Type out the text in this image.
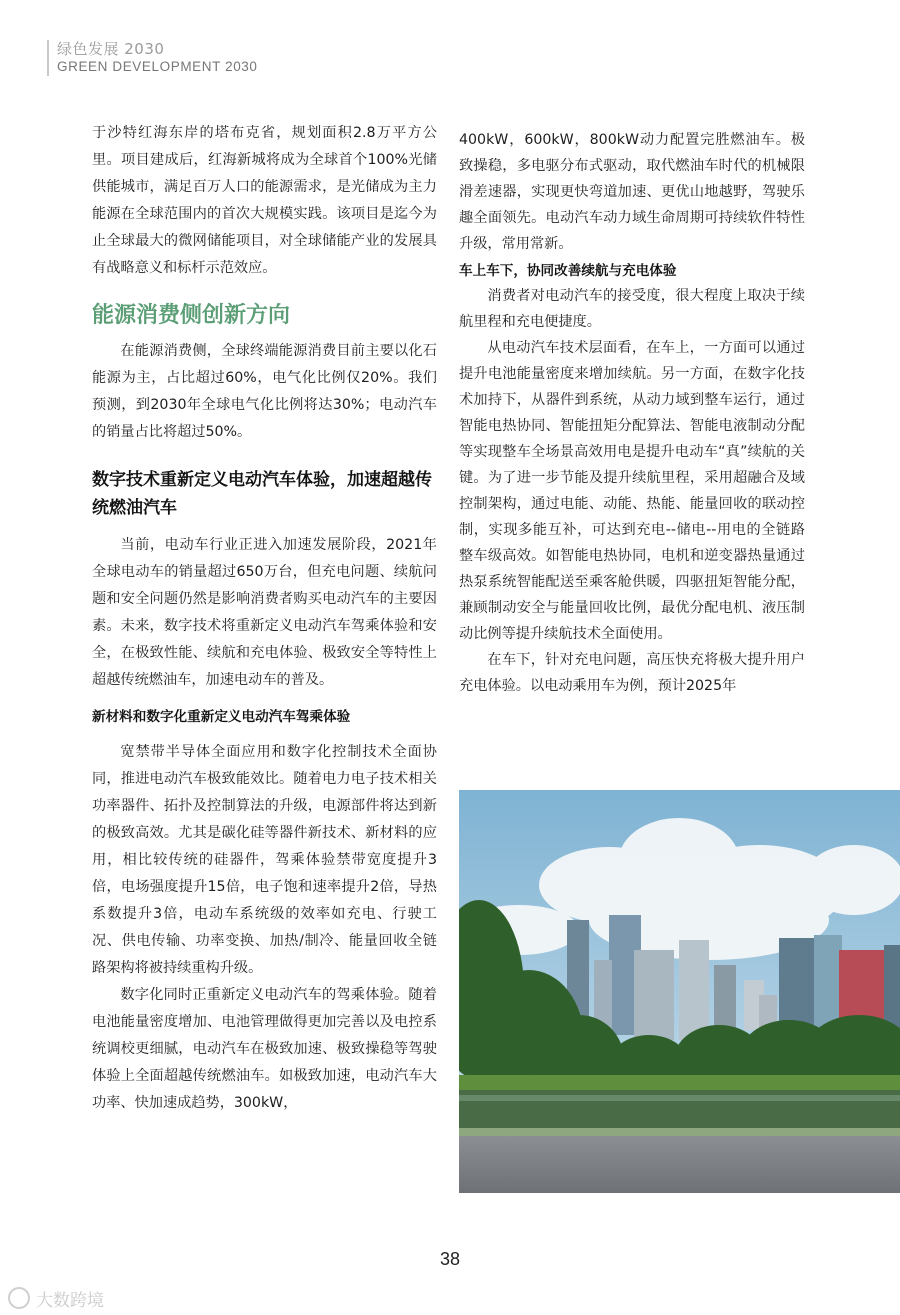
绿色发展 2030
GREEN DEVELOPMENT 2030

于沙特红海东岸的塔布克省，规划面积2.8万平方公里。项目建成后，红海新城将成为全球首个100%光储供能城市，满足百万人口的能源需求，是光储成为主力能源在全球范围内的首次大规模实践。该项目是迄今为止全球最大的微网储能项目，对全球储能产业的发展具有战略意义和标杆示范效应。

能源消费侧创新方向

在能源消费侧，全球终端能源消费目前主要以化石能源为主，占比超过60%，电气化比例仅20%。我们预测，到2030年全球电气化比例将达30%；电动汽车的销量占比将超过50%。

数字技术重新定义电动汽车体验，加速超越传统燃油汽车

当前，电动车行业正进入加速发展阶段，2021年全球电动车的销量超过650万台，但充电问题、续航问题和安全问题仍然是影响消费者购买电动汽车的主要因素。未来，数字技术将重新定义电动汽车驾乘体验和安全，在极致性能、续航和充电体验、极致安全等特性上超越传统燃油车，加速电动车的普及。

新材料和数字化重新定义电动汽车驾乘体验

宽禁带半导体全面应用和数字化控制技术全面协同，推进电动汽车极致能效比。随着电力电子技术相关功率器件、拓扑及控制算法的升级，电源部件将达到新的极致高效。尤其是碳化硅等器件新技术、新材料的应用，相比较传统的硅器件，驾乘体验禁带宽度提升3倍，电场强度提升15倍，电子饱和速率提升2倍，导热系数提升3倍，电动车系统级的效率如充电、行驶工况、供电传输、功率变换、加热/制冷、能量回收全链路架构将被持续重构升级。

数字化同时正重新定义电动汽车的驾乘体验。随着电池能量密度增加、电池管理做得更加完善以及电控系统调校更细腻，电动汽车在极致加速、极致操稳等驾驶体验上全面超越传统燃油车。如极致加速，电动汽车大功率、快加速成趋势，300kW，

400kW，600kW，800kW动力配置完胜燃油车。极致操稳，多电驱分布式驱动，取代燃油车时代的机械限滑差速器，实现更快弯道加速、更优山地越野，驾驶乐趣全面领先。电动汽车动力域生命周期可持续软件特性升级，常用常新。

车上车下，协同改善续航与充电体验

消费者对电动汽车的接受度，很大程度上取决于续航里程和充电便捷度。

从电动汽车技术层面看，在车上，一方面可以通过提升电池能量密度来增加续航。另一方面，在数字化技术加持下，从器件到系统，从动力域到整车运行，通过智能电热协同、智能扭矩分配算法、智能电液制动分配等实现整车全场景高效用电是提升电动车“真”续航的关键。为了进一步节能及提升续航里程，采用超融合及域控制架构，通过电能、动能、热能、能量回收的联动控制，实现多能互补，可达到充电--储电--用电的全链路整车级高效。如智能电热协同，电机和逆变器热量通过热泵系统智能配送至乘客舱供暖，四驱扭矩智能分配，兼顾制动安全与能量回收比例，最优分配电机、液压制动比例等提升续航技术全面使用。

在车下，针对充电问题，高压快充将极大提升用户充电体验。以电动乘用车为例，预计2025年

38
大数跨境
